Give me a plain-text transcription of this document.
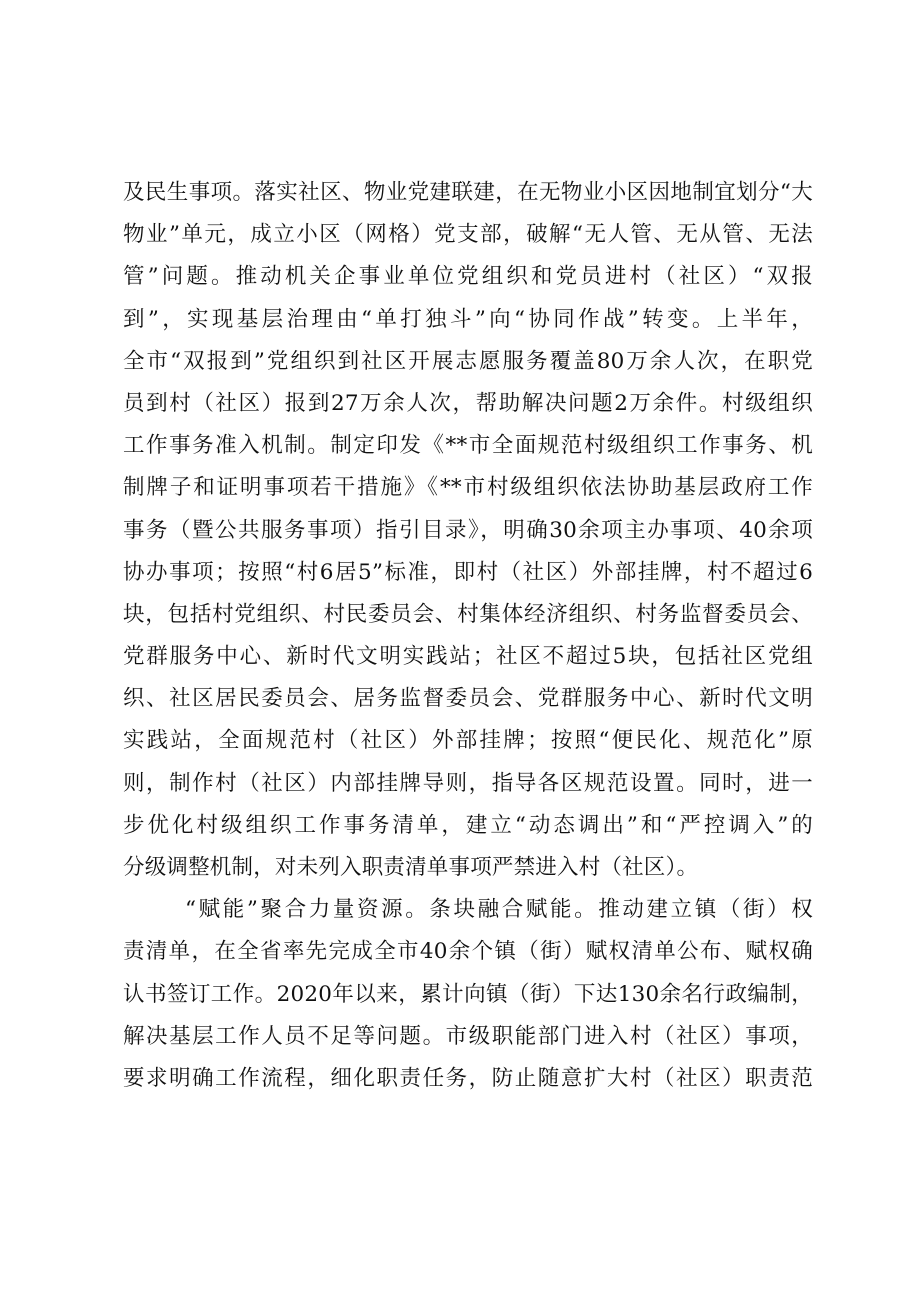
及民生事项。落实社区、物业党建联建，在无物业小区因地制宜划分“大
物业”单元，成立小区（网格）党支部，破解“无人管、无从管、无法
管”问题。推动机关企事业单位党组织和党员进村（社区）“双报
到”，实现基层治理由“单打独斗”向“协同作战”转变。上半年，
全市“双报到”党组织到社区开展志愿服务覆盖80万余人次，在职党
员到村（社区）报到27万余人次，帮助解决问题2万余件。村级组织
工作事务准入机制。制定印发《**市全面规范村级组织工作事务、机
制牌子和证明事项若干措施》《**市村级组织依法协助基层政府工作
事务（暨公共服务事项）指引目录》，明确30余项主办事项、40余项
协办事项；按照“村6居5”标准，即村（社区）外部挂牌，村不超过6
块，包括村党组织、村民委员会、村集体经济组织、村务监督委员会、
党群服务中心、新时代文明实践站；社区不超过5块，包括社区党组
织、社区居民委员会、居务监督委员会、党群服务中心、新时代文明
实践站，全面规范村（社区）外部挂牌；按照“便民化、规范化”原
则，制作村（社区）内部挂牌导则，指导各区规范设置。同时，进一
步优化村级组织工作事务清单，建立“动态调出”和“严控调入”的
分级调整机制，对未列入职责清单事项严禁进入村（社区）。
“赋能”聚合力量资源。条块融合赋能。推动建立镇（街）权
责清单，在全省率先完成全市40余个镇（街）赋权清单公布、赋权确
认书签订工作。2020年以来，累计向镇（街）下达130余名行政编制，
解决基层工作人员不足等问题。市级职能部门进入村（社区）事项，
要求明确工作流程，细化职责任务，防止随意扩大村（社区）职责范
